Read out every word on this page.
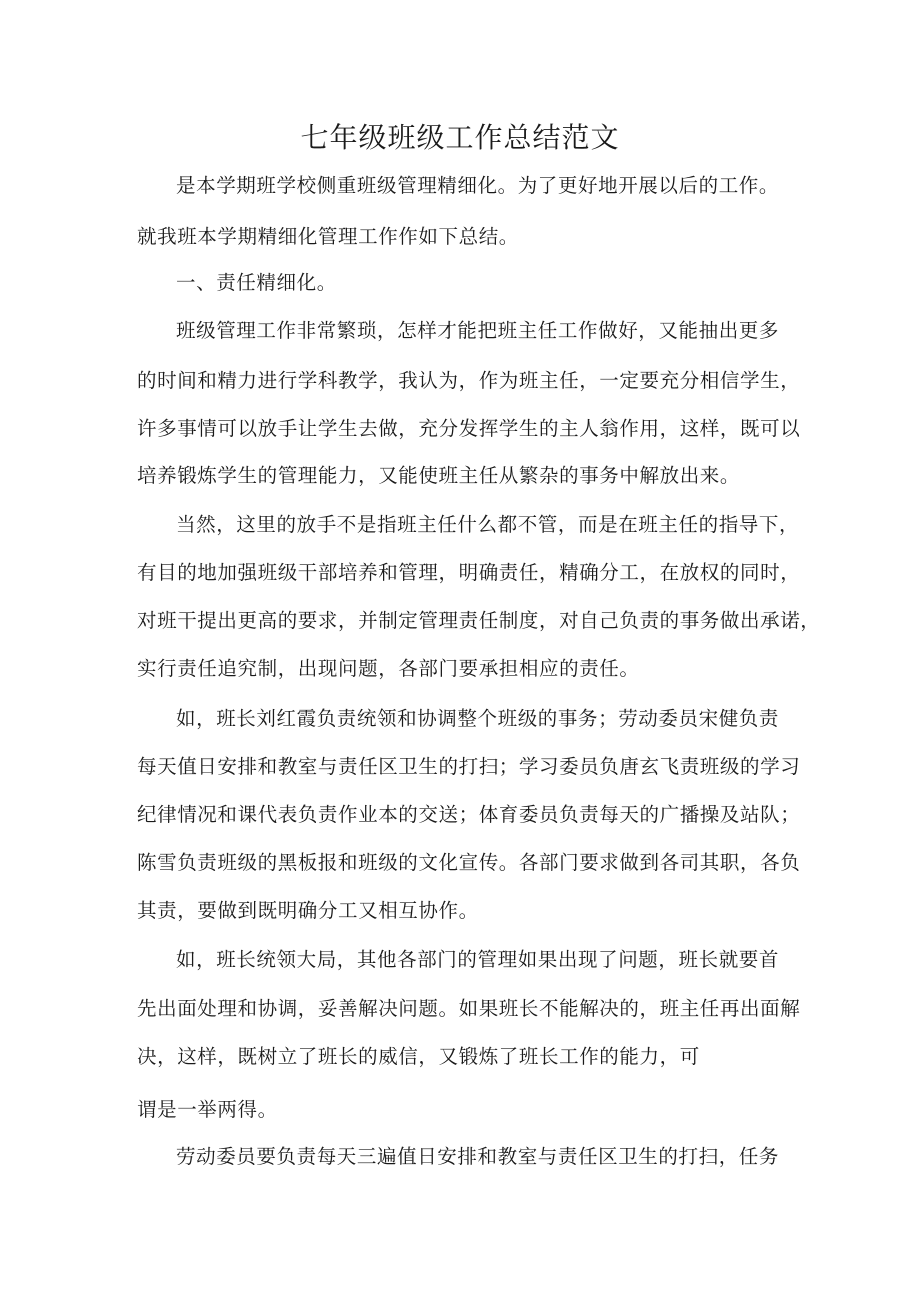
七年级班级工作总结范文
是本学期班学校侧重班级管理精细化。为了更好地开展以后的工作。
就我班本学期精细化管理工作作如下总结。
一、责任精细化。
班级管理工作非常繁琐，怎样才能把班主任工作做好，又能抽出更多
的时间和精力进行学科教学，我认为，作为班主任，一定要充分相信学生，
许多事情可以放手让学生去做，充分发挥学生的主人翁作用，这样，既可以
培养锻炼学生的管理能力，又能使班主任从繁杂的事务中解放出来。
当然，这里的放手不是指班主任什么都不管，而是在班主任的指导下，
有目的地加强班级干部培养和管理，明确责任，精确分工，在放权的同时，
对班干提出更高的要求，并制定管理责任制度，对自己负责的事务做出承诺，
实行责任追究制，出现问题，各部门要承担相应的责任。
如，班长刘红霞负责统领和协调整个班级的事务；劳动委员宋健负责
每天值日安排和教室与责任区卫生的打扫；学习委员负唐玄飞责班级的学习
纪律情况和课代表负责作业本的交送；体育委员负责每天的广播操及站队；
陈雪负责班级的黑板报和班级的文化宣传。各部门要求做到各司其职，各负
其责，要做到既明确分工又相互协作。
如，班长统领大局，其他各部门的管理如果出现了问题，班长就要首
先出面处理和协调，妥善解决问题。如果班长不能解决的，班主任再出面解
决，这样，既树立了班长的威信，又锻炼了班长工作的能力，可
谓是一举两得。
劳动委员要负责每天三遍值日安排和教室与责任区卫生的打扫，任务
